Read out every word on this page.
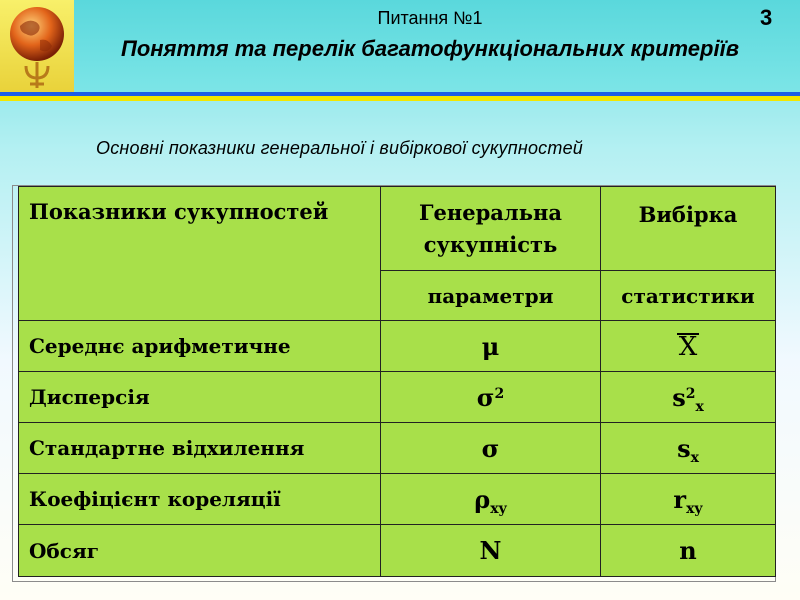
Питання №1
Поняття та перелік багатофункціональних критеріїв
3
Основні показники генеральної і вибіркової сукупностей
Показники сукупностей	Генеральна сукупність	Вибірка
	параметри	статистики
Середнє арифметичне	μ	X
Дисперсія	$\sigma^2$	$s^2_x$
Стандартне відхилення	σ	$s_x$
Коефіцієнт кореляції	$\rho_{xy}$	$r_{xy}$
Обсяг	N	n
